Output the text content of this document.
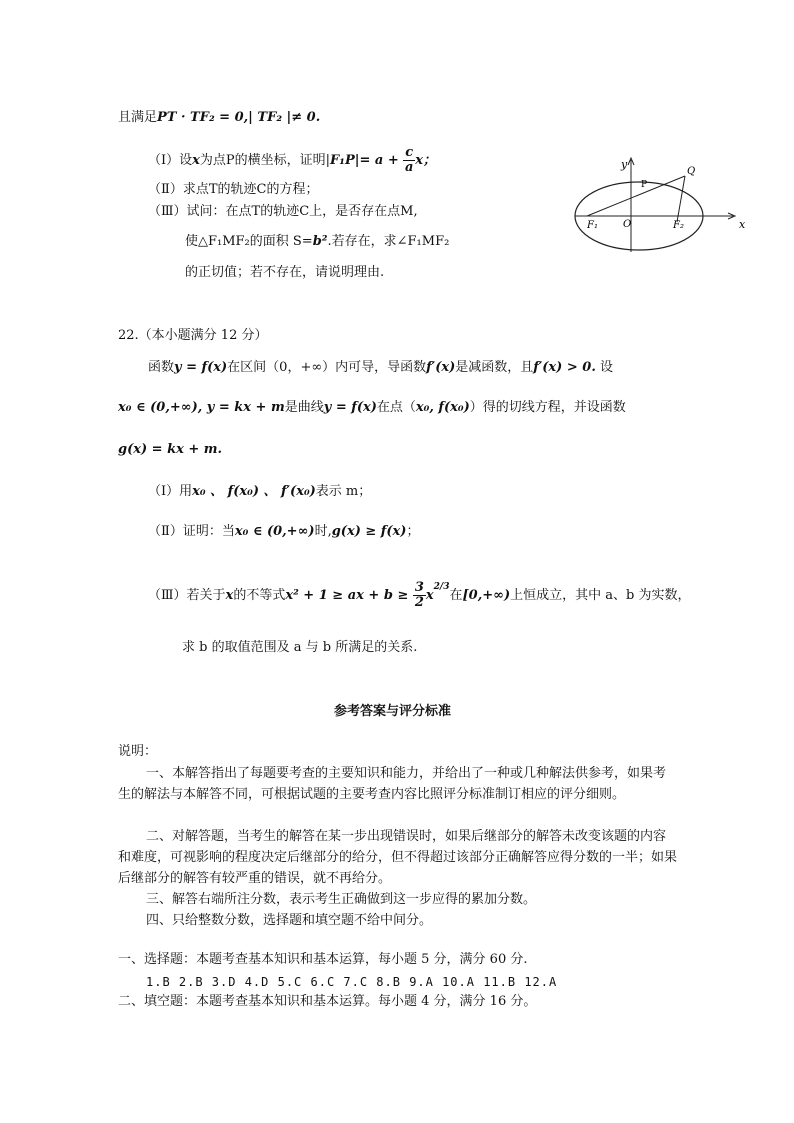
且满足PT · TF₂ = 0,| TF₂ |≠ 0.
（Ⅰ）设x为点P的横坐标，证明$|F_1P|= a + \frac{c}{a}$ x；
（Ⅱ）求点T的轨迹C的方程；
（Ⅲ）试问：在点T的轨迹C上，是否存在点M,
使△F₁MF₂的面积 S=b².若存在，求∠F₁MF₂
的正切值；若不存在，请说明理由.
y
x
P
Q
O
F₁	F₂
22.（本小题满分 12 分）
函数y = f(x)在区间（0，+∞）内可导，导函数f′(x)是减函数，且f′(x) > 0. 设
x₀ ∈ (0,+∞), y = kx + m是曲线y = f(x)在点（x₀, f(x₀)）得的切线方程，并设函数
g(x) = kx + m.
（Ⅰ）用x₀ 、 f(x₀) 、 f′(x₀)表示 m；
（Ⅱ）证明：当x₀ ∈ (0,+∞)时,g(x) ≥ f(x)；
（Ⅲ）若关于x的不等式x² + 1 ≥ ax + $b \ge \frac{3}{2} x^{2/3}$在[0,+∞)上恒成立，其中 a、b 为实数，
求 b 的取值范围及 a 与 b 所满足的关系.
参考答案与评分标准
说明：
一、本解答指出了每题要考查的主要知识和能力，并给出了一种或几种解法供参考，如果考生的解法与本解答不同，可根据试题的主要考查内容比照评分标准制订相应的评分细则。
二、对解答题，当考生的解答在某一步出现错误时，如果后继部分的解答未改变该题的内容和难度，可视影响的程度决定后继部分的给分，但不得超过该部分正确解答应得分数的一半；如果后继部分的解答有较严重的错误，就不再给分。
三、解答右端所注分数，表示考生正确做到这一步应得的累加分数。
四、只给整数分数，选择题和填空题不给中间分。
一、选择题：本题考查基本知识和基本运算，每小题 5 分，满分 60 分.
1.B 2.B 3.D 4.D 5.C 6.C 7.C 8.B 9.A 10.A 11.B 12.A
二、填空题：本题考查基本知识和基本运算。每小题 4 分，满分 16 分。
